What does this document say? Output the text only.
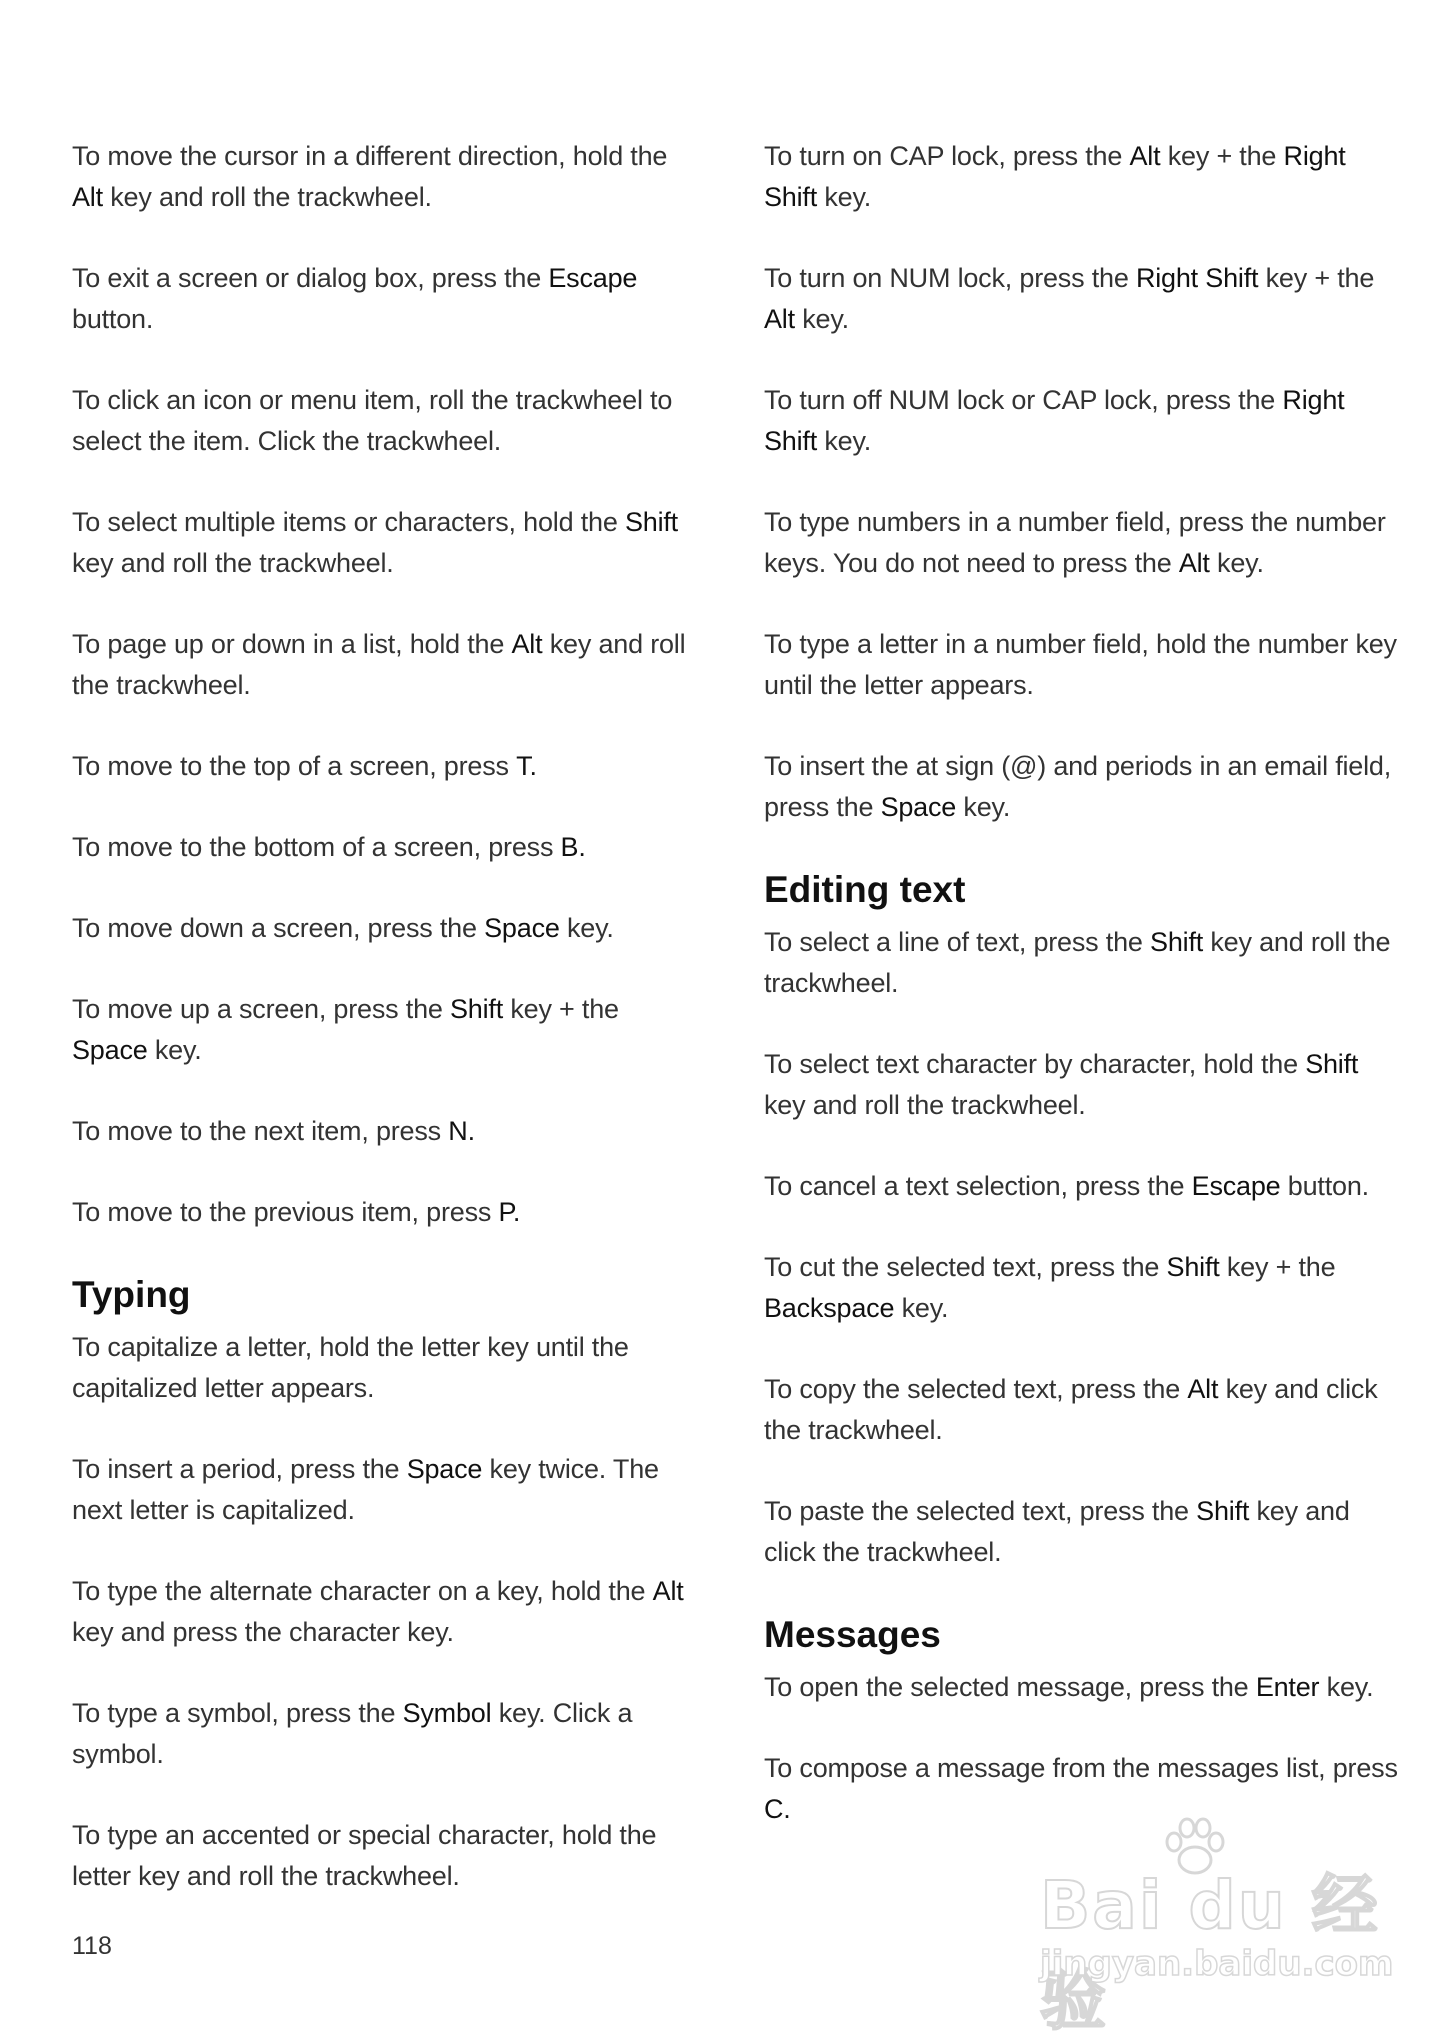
To move the cursor in a different direction, hold the Alt key and roll the trackwheel.

To exit a screen or dialog box, press the Escape button.

To click an icon or menu item, roll the trackwheel to select the item. Click the trackwheel.

To select multiple items or characters, hold the Shift key and roll the trackwheel.

To page up or down in a list, hold the Alt key and roll the trackwheel.

To move to the top of a screen, press T.

To move to the bottom of a screen, press B.

To move down a screen, press the Space key.

To move up a screen, press the Shift key + the Space key.

To move to the next item, press N.

To move to the previous item, press P.

Typing

To capitalize a letter, hold the letter key until the capitalized letter appears.

To insert a period, press the Space key twice. The next letter is capitalized.

To type the alternate character on a key, hold the Alt key and press the character key.

To type a symbol, press the Symbol key. Click a symbol.

To type an accented or special character, hold the letter key and roll the trackwheel.

To turn on CAP lock, press the Alt key + the Right Shift key.

To turn on NUM lock, press the Right Shift key + the Alt key.

To turn off NUM lock or CAP lock, press the Right Shift key.

To type numbers in a number field, press the number keys. You do not need to press the Alt key.

To type a letter in a number field, hold the number key until the letter appears.

To insert the at sign (@) and periods in an email field, press the Space key.

Editing text

To select a line of text, press the Shift key and roll the trackwheel.

To select text character by character, hold the Shift key and roll the trackwheel.

To cancel a text selection, press the Escape button.

To cut the selected text, press the Shift key + the Backspace key.

To copy the selected text, press the Alt key and click the trackwheel.

To paste the selected text, press the Shift key and click the trackwheel.

Messages

To open the selected message, press the Enter key.

To compose a message from the messages list, press C.

118
Bai du 经验
jingyan.baidu.com
